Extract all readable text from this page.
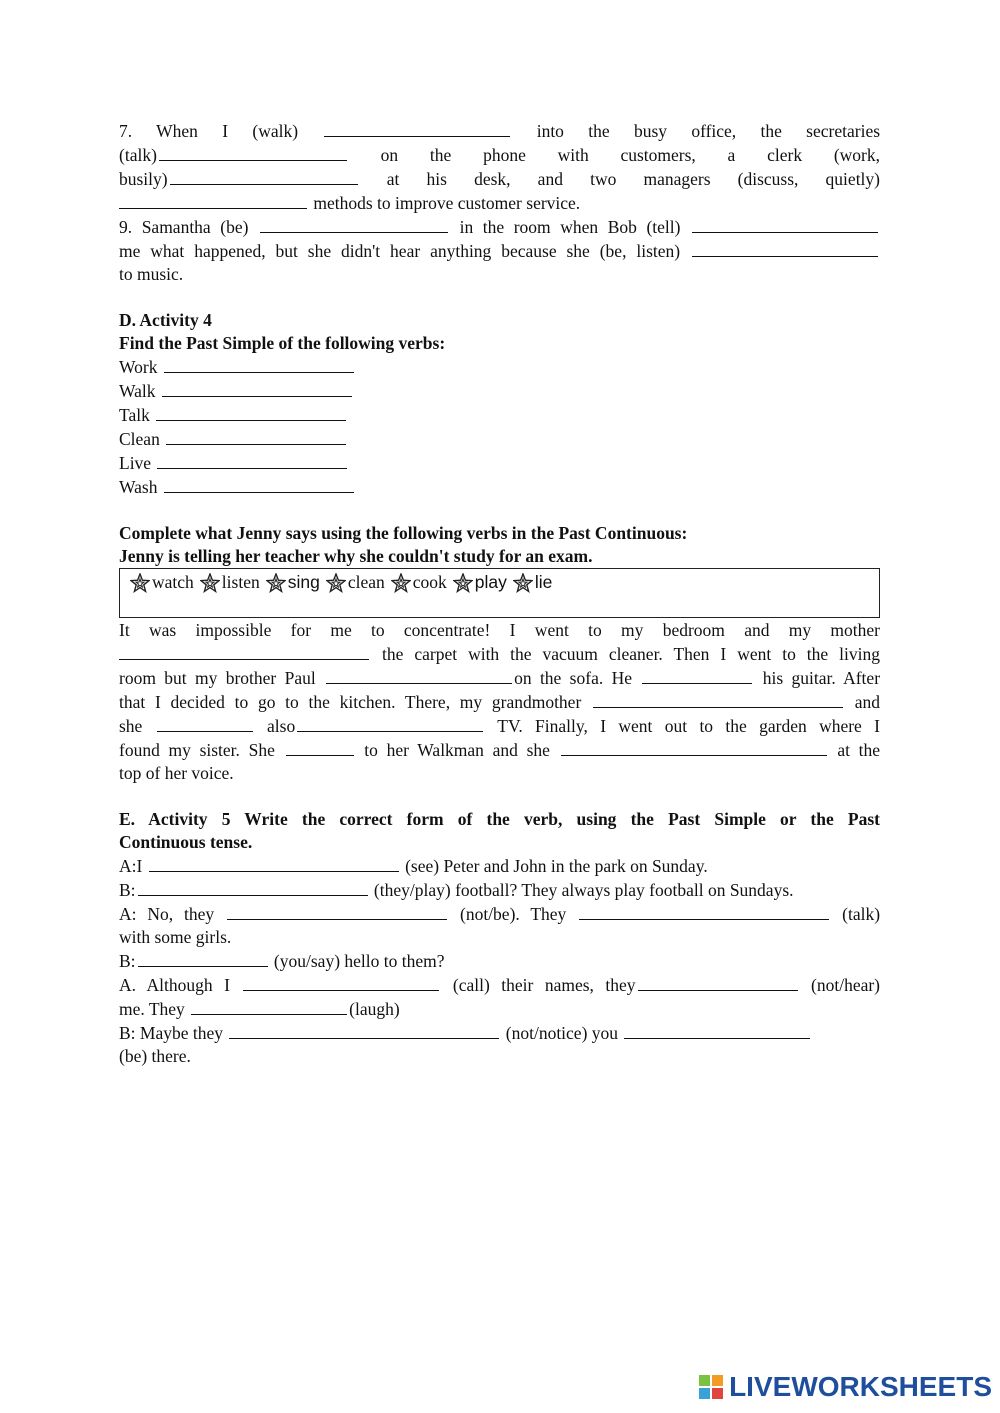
7. When I (walk)	into the busy office, the secretaries

(talk)	on the phone with customers, a clerk (work,

busily)	at his desk, and two managers (discuss, quietly)

methods to improve customer service.

9. Samantha (be)	in the room when Bob (tell)

me what happened, but she didn't hear anything because she (be, listen)

to music.

D. Activity 4

Find the Past Simple of the following verbs:

Work

Walk

Talk

Clean

Live

Wash

Complete what Jenny says using the following verbs in the Past Continuous:

Jenny is telling her teacher why she couldn't study for an exam.

watch listen sing clean cook play lie

It was impossible for me to concentrate! I went to my bedroom and my mother

the carpet with the vacuum cleaner. Then I went to the living

room but my brother Paul	on the sofa. He	his guitar. After

that I decided to go to the kitchen. There, my grandmother	and

she	also	TV. Finally, I went out to the garden where I

found my sister. She	to her Walkman and she	at the

top of her voice.

E. Activity 5 Write the correct form of the verb, using the Past Simple or the Past

Continuous tense.

A:I	(see) Peter and John in the park on Sunday.

B:	(they/play) football? They always play football on Sundays.

A: No, they	(not/be). They	(talk)

with some girls.

B:	(you/say) hello to them?

A. Although I	(call) their names, they	(not/hear)

me. They	(laugh)

B: Maybe they	(not/notice) you

(be) there.

LIVEWORKSHEETS
